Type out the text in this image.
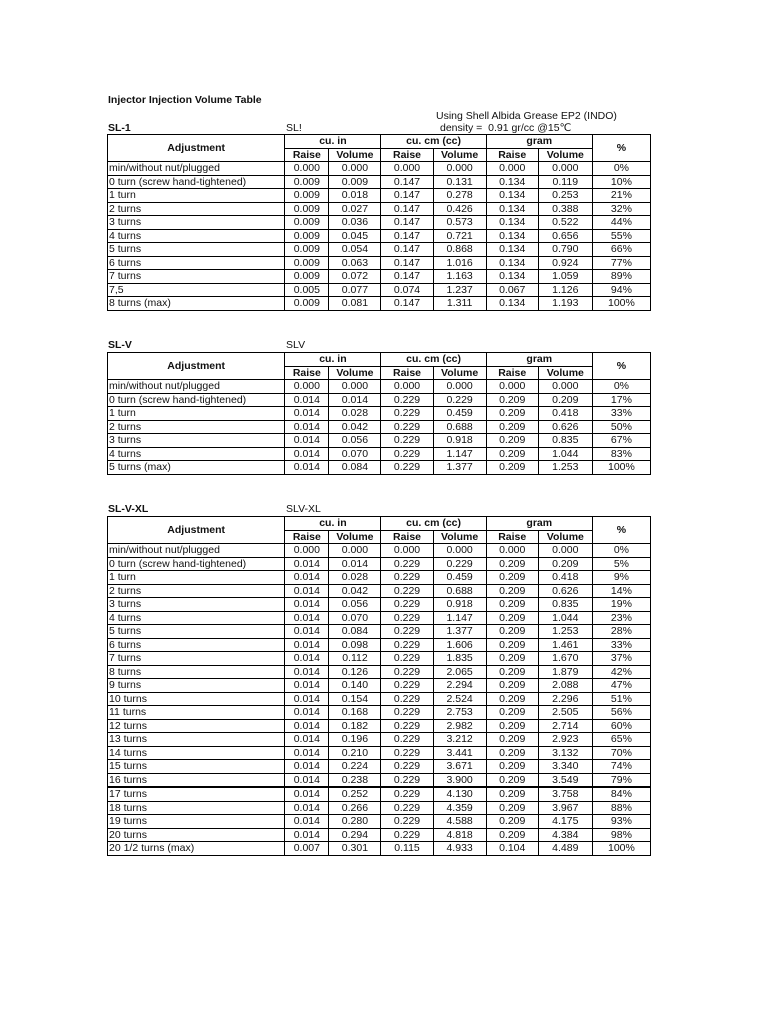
Injector Injection Volume Table
Using Shell Albida Grease EP2 (INDO)
density = 0.91 gr/cc @15℃
SL-1	SL!
Adjustment	cu. in		cu. cm (cc)		gram		%
	Raise	Volume	Raise	Volume	Raise	Volume	
min/without nut/plugged	0.000	0.000	0.000	0.000	0.000	0.000	0%
0 turn (screw hand-tightened)	0.009	0.009	0.147	0.131	0.134	0.119	10%
1 turn	0.009	0.018	0.147	0.278	0.134	0.253	21%
2 turns	0.009	0.027	0.147	0.426	0.134	0.388	32%
3 turns	0.009	0.036	0.147	0.573	0.134	0.522	44%
4 turns	0.009	0.045	0.147	0.721	0.134	0.656	55%
5 turns	0.009	0.054	0.147	0.868	0.134	0.790	66%
6 turns	0.009	0.063	0.147	1.016	0.134	0.924	77%
7 turns	0.009	0.072	0.147	1.163	0.134	1.059	89%
7,5	0.005	0.077	0.074	1.237	0.067	1.126	94%
8 turns (max)	0.009	0.081	0.147	1.311	0.134	1.193	100%
SL-V	SLV
Adjustment	cu. in		cu. cm (cc)		gram		%
	Raise	Volume	Raise	Volume	Raise	Volume	
min/without nut/plugged	0.000	0.000	0.000	0.000	0.000	0.000	0%
0 turn (screw hand-tightened)	0.014	0.014	0.229	0.229	0.209	0.209	17%
1 turn	0.014	0.028	0.229	0.459	0.209	0.418	33%
2 turns	0.014	0.042	0.229	0.688	0.209	0.626	50%
3 turns	0.014	0.056	0.229	0.918	0.209	0.835	67%
4 turns	0.014	0.070	0.229	1.147	0.209	1.044	83%
5 turns (max)	0.014	0.084	0.229	1.377	0.209	1.253	100%
SL-V-XL	SLV-XL
Adjustment	cu. in		cu. cm (cc)		gram		%
	Raise	Volume	Raise	Volume	Raise	Volume	
min/without nut/plugged	0.000	0.000	0.000	0.000	0.000	0.000	0%
0 turn (screw hand-tightened)	0.014	0.014	0.229	0.229	0.209	0.209	5%
1 turn	0.014	0.028	0.229	0.459	0.209	0.418	9%
2 turns	0.014	0.042	0.229	0.688	0.209	0.626	14%
3 turns	0.014	0.056	0.229	0.918	0.209	0.835	19%
4 turns	0.014	0.070	0.229	1.147	0.209	1.044	23%
5 turns	0.014	0.084	0.229	1.377	0.209	1.253	28%
6 turns	0.014	0.098	0.229	1.606	0.209	1.461	33%
7 turns	0.014	0.112	0.229	1.835	0.209	1.670	37%
8 turns	0.014	0.126	0.229	2.065	0.209	1.879	42%
9 turns	0.014	0.140	0.229	2.294	0.209	2.088	47%
10 turns	0.014	0.154	0.229	2.524	0.209	2.296	51%
11 turns	0.014	0.168	0.229	2.753	0.209	2.505	56%
12 turns	0.014	0.182	0.229	2.982	0.209	2.714	60%
13 turns	0.014	0.196	0.229	3.212	0.209	2.923	65%
14 turns	0.014	0.210	0.229	3.441	0.209	3.132	70%
15 turns	0.014	0.224	0.229	3.671	0.209	3.340	74%
16 turns	0.014	0.238	0.229	3.900	0.209	3.549	79%
17 turns	0.014	0.252	0.229	4.130	0.209	3.758	84%
18 turns	0.014	0.266	0.229	4.359	0.209	3.967	88%
19 turns	0.014	0.280	0.229	4.588	0.209	4.175	93%
20 turns	0.014	0.294	0.229	4.818	0.209	4.384	98%
20 1/2 turns (max)	0.007	0.301	0.115	4.933	0.104	4.489	100%
